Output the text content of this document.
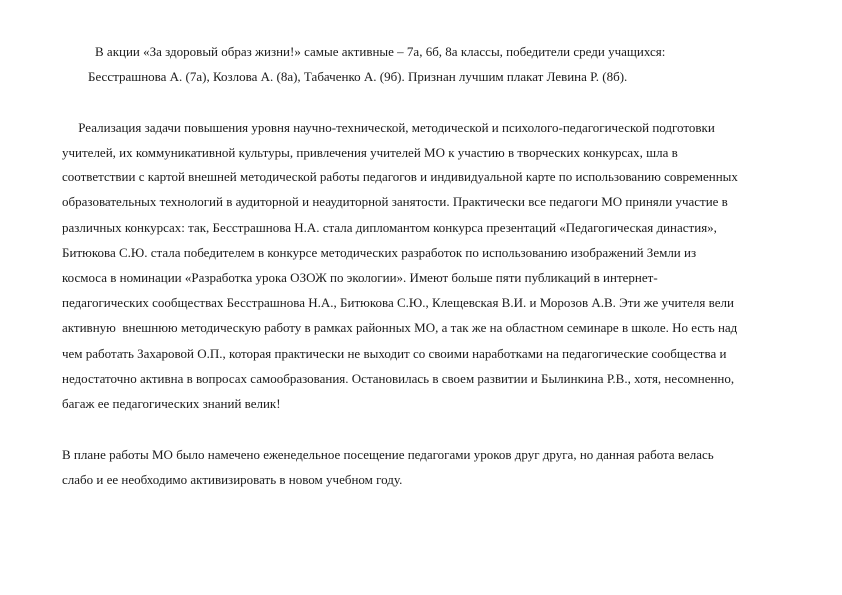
В акции «За здоровый образ жизни!» самые активные – 7а, 6б, 8а классы, победители среди учащихся:
Бесстрашнова А. (7а), Козлова А. (8а), Табаченко А. (9б). Признан лучшим плакат Левина Р. (8б).
Реализация задачи повышения уровня научно-технической, методической и психолого-педагогической подготовки
учителей, их коммуникативной культуры, привлечения учителей МО к участию в творческих конкурсах, шла в
соответствии с картой внешней методической работы педагогов и индивидуальной карте по использованию современных
образовательных технологий в аудиторной и неаудиторной занятости. Практически все педагоги МО приняли участие в
различных конкурсах: так, Бесстрашнова Н.А. стала дипломантом конкурса презентаций «Педагогическая династия»,
Битюкова С.Ю. стала победителем в конкурсе методических разработок по использованию изображений Земли из
космоса в номинации «Разработка урока ОЗОЖ по экологии». Имеют больше пяти публикаций в интернет-
педагогических сообществах Бесстрашнова Н.А., Битюкова С.Ю., Клещевская В.И. и Морозов А.В. Эти же учителя вели
активную  внешнюю методическую работу в рамках районных МО, а так же на областном семинаре в школе. Но есть над
чем работать Захаровой О.П., которая практически не выходит со своими наработками на педагогические сообщества и
недостаточно активна в вопросах самообразования. Остановилась в своем развитии и Былинкина Р.В., хотя, несомненно,
багаж ее педагогических знаний велик!
В плане работы МО было намечено еженедельное посещение педагогами уроков друг друга, но данная работа велась
слабо и ее необходимо активизировать в новом учебном году.
